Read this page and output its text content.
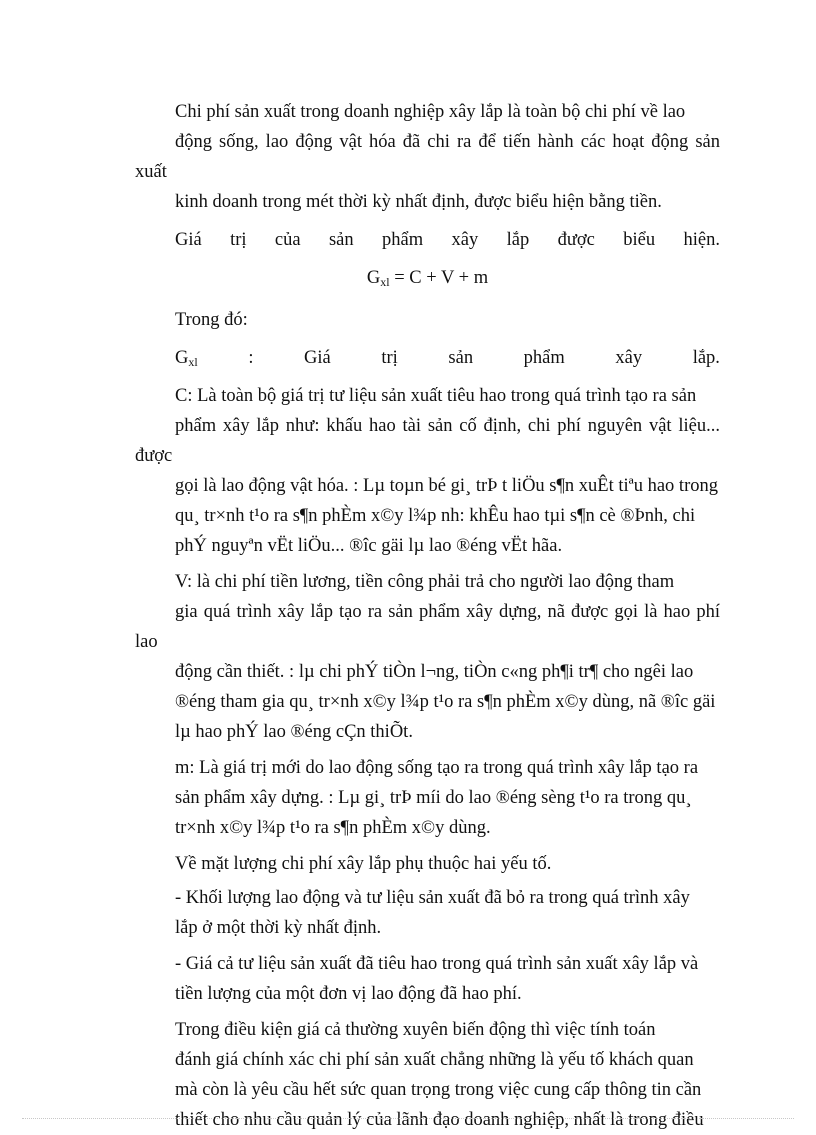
Chi phí sản xuất trong doanh nghiệp xây lắp là toàn bộ chi phí về lao
động sống, lao động vật hóa đã chi ra để tiến hành các hoạt động sản xuất
kinh doanh trong mét thời kỳ nhất định, được biểu hiện bằng tiền.

Giá trị của sản phẩm xây lắp được biểu hiện.
$G_{xl} = C + V + m$

Trong đó:

$G_{xl}$	:	Giá	trị	sản	phẩm	xây	lắp.

C: Là toàn bộ giá trị tư liệu sản xuất tiêu hao trong quá trình tạo ra sản
phẩm xây lắp như: khấu hao tài sản cố định, chi phí nguyên vật liệu... được
gọi là lao động vật hóa. : Lµ toµn bé gi¸ trÞ t liÖu s¶n xuÊt tiªu hao trong
qu¸ tr×nh t¹o ra s¶n phÈm x©y l¾p nh: khÊu hao tµi s¶n cè ®Þnh, chi
phÝ nguyªn vËt liÖu... ®îc gäi lµ lao ®éng vËt hãa.

V: là chi phí tiền lương, tiền công phải trả cho người lao động tham
gia quá trình xây lắp tạo ra sản phẩm xây dựng, nã được gọi là hao phí lao
động cần thiết. : lµ chi phÝ tiÒn l¬ng, tiÒn c«ng ph¶i tr¶ cho ngêi lao
®éng tham gia qu¸ tr×nh x©y l¾p t¹o ra s¶n phÈm x©y dùng, nã ®îc gäi
lµ hao phÝ lao ®éng cÇn thiÕt.

m: Là giá trị mới do lao động sống tạo ra trong quá trình xây lắp tạo ra
sản phẩm xây dựng. : Lµ gi¸ trÞ míi do lao ®éng sèng t¹o ra trong qu¸
tr×nh x©y l¾p t¹o ra s¶n phÈm x©y dùng.

Về mặt lượng chi phí xây lắp phụ thuộc hai yếu tố.

- Khối lượng lao động và tư liệu sản xuất đã bỏ ra trong quá trình xây
lắp ở một thời kỳ nhất định.

- Giá cả tư liệu sản xuất đã tiêu hao trong quá trình sản xuất xây lắp và
tiền lượng của một đơn vị lao động đã hao phí.

Trong điều kiện giá cả thường xuyên biến động thì việc tính toán
đánh giá chính xác chi phí sản xuất chẳng những là yếu tố khách quan
mà còn là yêu cầu hết sức quan trọng trong việc cung cấp thông tin cần
thiết cho nhu cầu quản lý của lãnh đạo doanh nghiệp, nhất là trong điều
